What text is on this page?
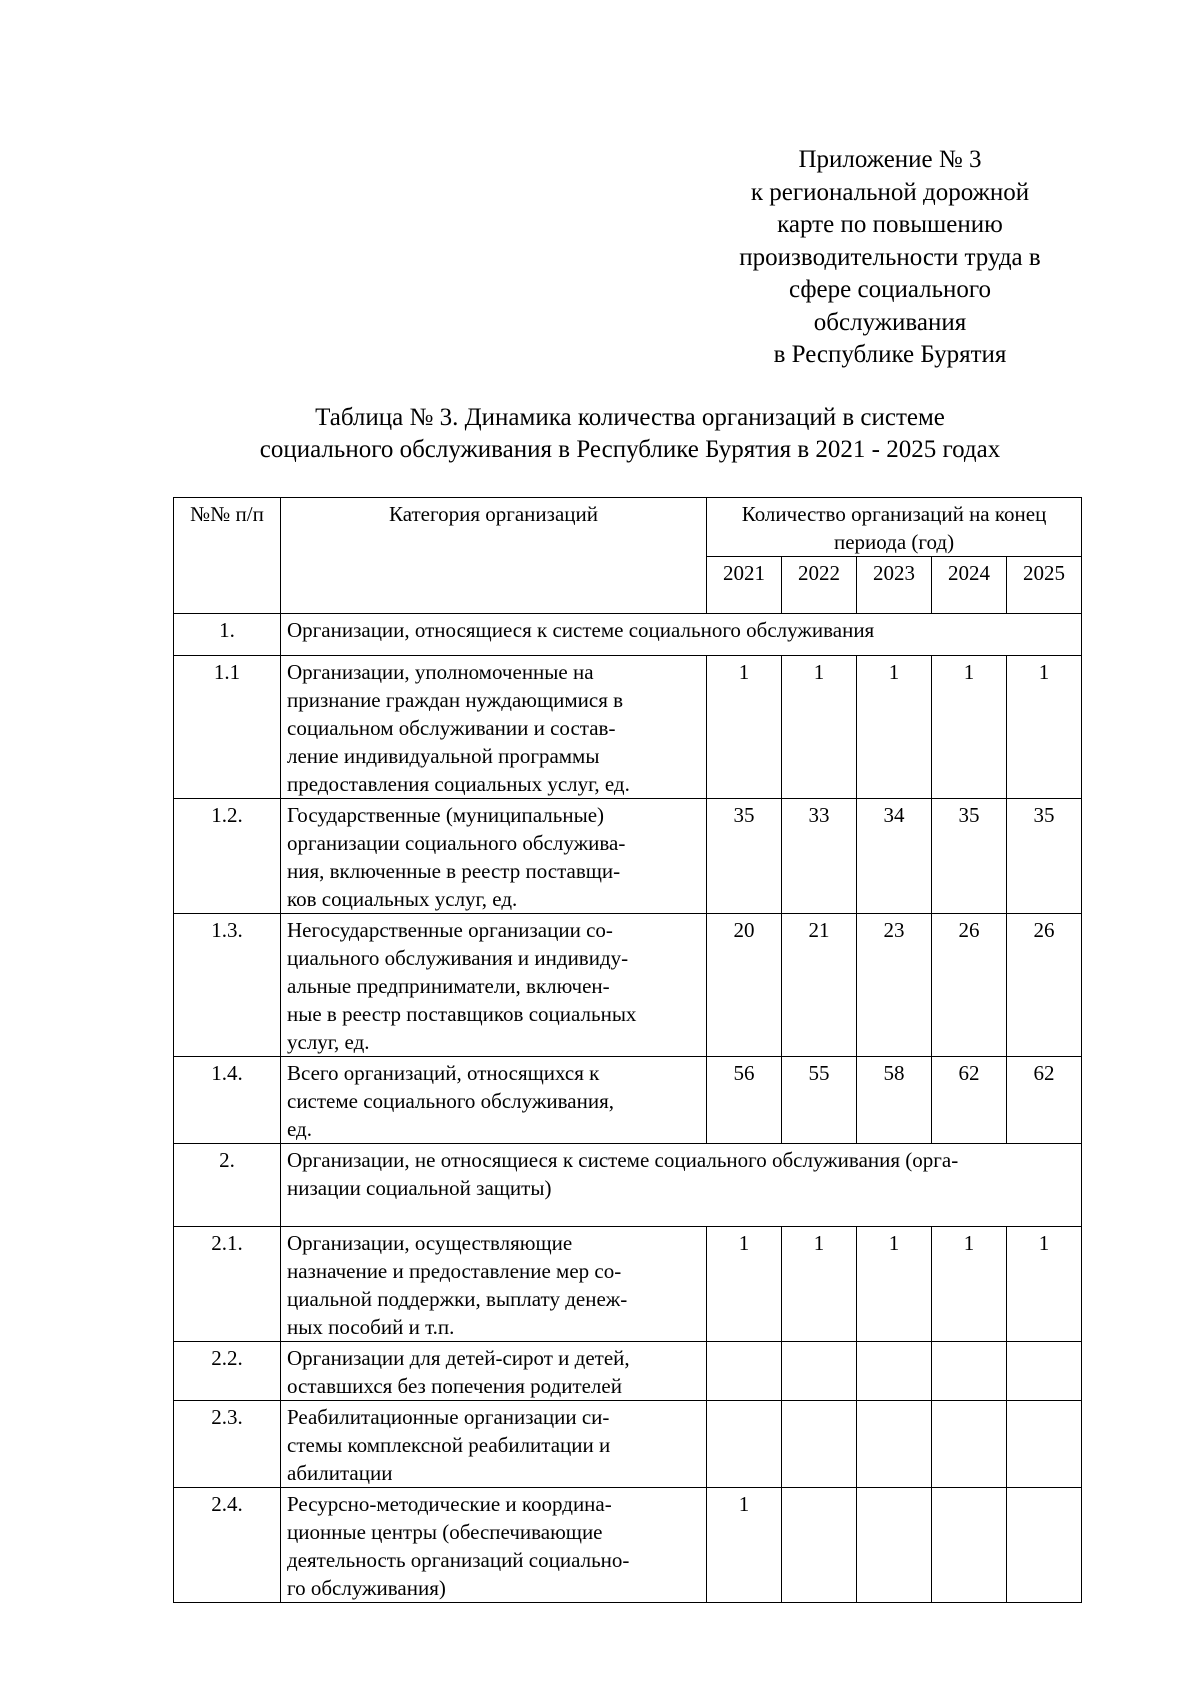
Приложение № 3
к региональной дорожной
карте по повышению
производительности труда в
сфере социального
обслуживания
в Республике Бурятия
Таблица № 3. Динамика количества организаций в системе
социального обслуживания в Республике Бурятия в 2021 - 2025 годах
№№ п/п	Категория организаций	Количество организаций на конец
периода (год)				

		2021	2022	2023	2024	2025
1.	Организации, относящиеся к системе социального обслуживания					

1.1	Организации, уполномоченные на
признание граждан нуждающимися в
социальном обслуживании и состав-
ление индивидуальной программы
предоставления социальных услуг, ед.	1	1	1	1	1
1.2.	Государственные (муниципальные)
организации социального обслужива-
ния, включенные в реестр поставщи-
ков социальных услуг, ед.	35	33	34	35	35
1.3.	Негосударственные организации со-
циального обслуживания и индивиду-
альные предприниматели, включен-
ные в реестр поставщиков социальных
услуг, ед.	20	21	23	26	26
1.4.	Всего организаций, относящихся к
системе социального обслуживания,
ед.	56	55	58	62	62
2.	Организации, не относящиеся к системе социального обслуживания (орга-
низации социальной защиты)					

2.1.	Организации, осуществляющие
назначение и предоставление мер со-
циальной поддержки, выплату денеж-
ных пособий и т.п.	1	1	1	1	1
2.2.	Организации для детей-сирот и детей,
оставшихся без попечения родителей					

2.3.	Реабилитационные организации си-
стемы комплексной реабилитации и
абилитации					

2.4.	Ресурсно-методические и координа-
ционные центры (обеспечивающие
деятельность организаций социально-
го обслуживания)	1				
